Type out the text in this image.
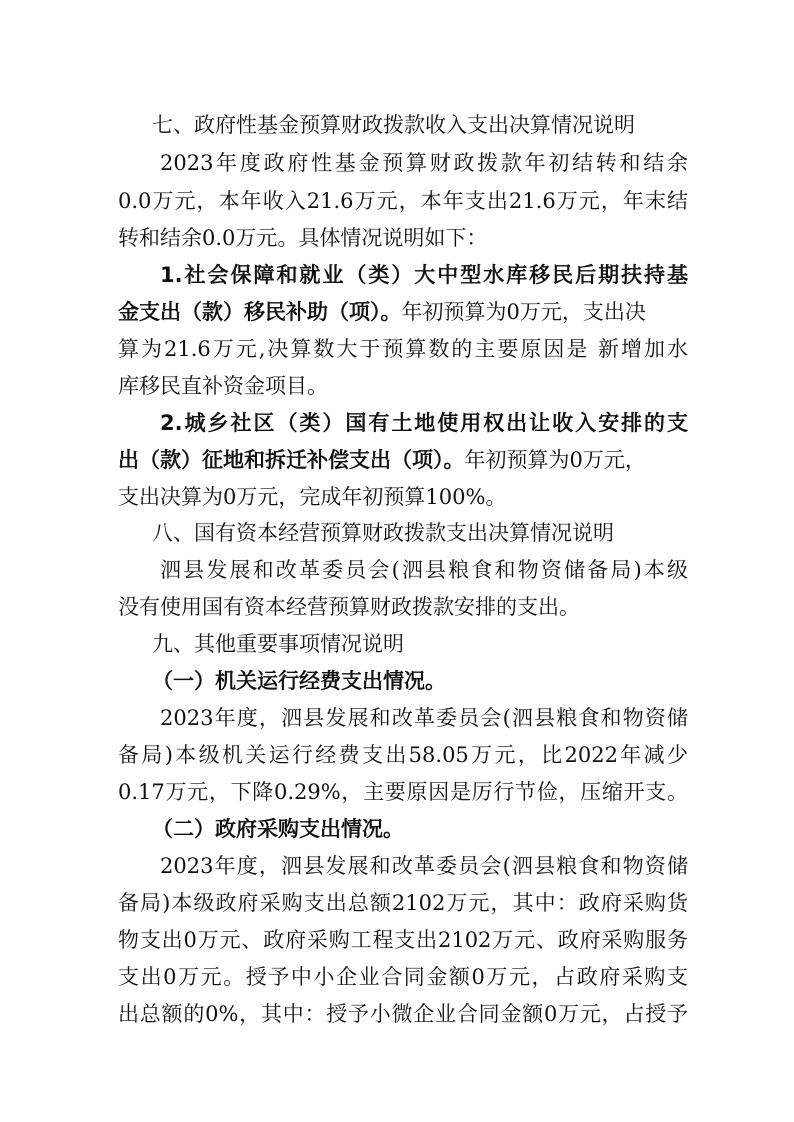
七、政府性基金预算财政拨款收入支出决算情况说明
2023年度政府性基金预算财政拨款年初结转和结余
0.0万元，本年收入21.6万元，本年支出21.6万元，年末结
转和结余0.0万元。具体情况说明如下：
1.社会保障和就业（类）大中型水库移民后期扶持基
金支出（款）移民补助（项）。年初预算为0万元，支出决
算为21.6万元,决算数大于预算数的主要原因是 新增加水
库移民直补资金项目。
2.城乡社区（类）国有土地使用权出让收入安排的支
出（款）征地和拆迁补偿支出（项）。年初预算为0万元，
支出决算为0万元，完成年初预算100%。
八、国有资本经营预算财政拨款支出决算情况说明
泗县发展和改革委员会(泗县粮食和物资储备局)本级
没有使用国有资本经营预算财政拨款安排的支出。
九、其他重要事项情况说明
（一）机关运行经费支出情况。
2023年度，泗县发展和改革委员会(泗县粮食和物资储
备局)本级机关运行经费支出58.05万元，比2022年减少
0.17万元，下降0.29%，主要原因是厉行节俭，压缩开支。
（二）政府采购支出情况。
2023年度，泗县发展和改革委员会(泗县粮食和物资储
备局)本级政府采购支出总额2102万元，其中：政府采购货
物支出0万元、政府采购工程支出2102万元、政府采购服务
支出0万元。授予中小企业合同金额0万元，占政府采购支
出总额的0%，其中：授予小微企业合同金额0万元，占授予
